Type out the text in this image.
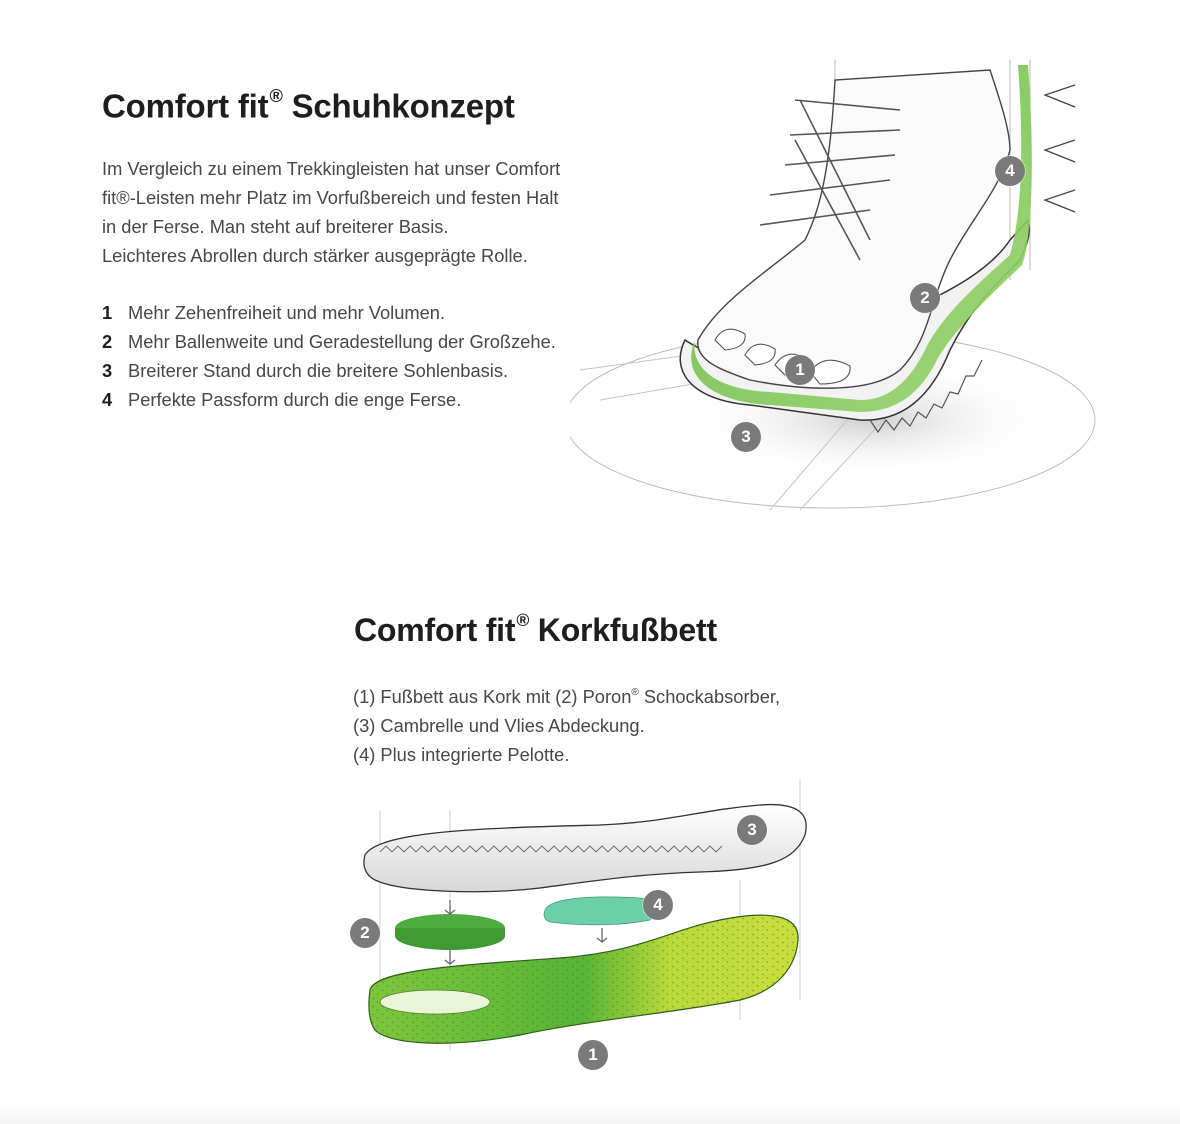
Comfort fit® Schuhkonzept

Im Vergleich zu einem Trekkingleisten hat unser Comfort

fit®-Leisten mehr Platz im Vorfußbereich und festen Halt

in der Ferse. Man steht auf breiterer Basis.

Leichteres Abrollen durch stärker ausgeprägte Rolle.

1 Mehr Zehenfreiheit und mehr Volumen.
2 Mehr Ballenweite und Geradestellung der Großzehe.
3 Breiterer Stand durch die breitere Sohlenbasis.
4 Perfekte Passform durch die enge Ferse.
1
2
3
4
Comfort fit® Korkfußbett

(1) Fußbett aus Kork mit (2) Poron® Schockabsorber,

(3) Cambrelle und Vlies Abdeckung.

(4) Plus integrierte Pelotte.

1
2
3
4
